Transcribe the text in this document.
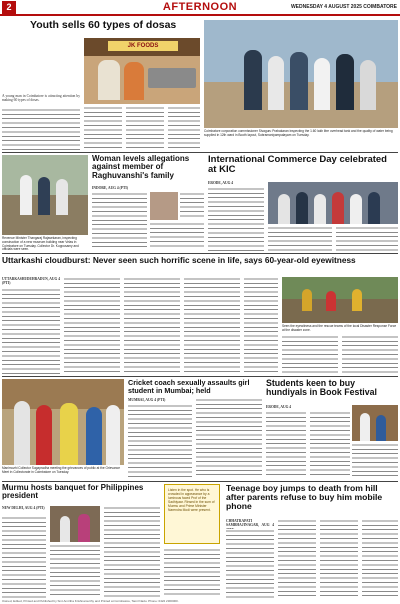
2	AFTERNOON	WEDNESDAY 4 AUGUST 2025 COIMBATORE
Youth sells 60 types of dosas
JK FOODS
A young man in Coimbatore is attracting attention by making 60 types of dosas.
Coimbatore corporation commissioner Sivaguru Prabakaran inspecting the 1.60 lakh litre overhead tank and the quality of water being supplied in 12th ward in Booth layout, Subramaniyampalayam on Tuesday.
Woman levels allegations against member of Raghuvanshi's family
Revenue Minister Thangaraj Rajasekaran, inspecting construction of a new museum building near Velas in Coimbatore on Tuesday. Collector Dr. Kuppusamy and officials were seen.
INDORE, AUG 4 (PTI)
International Commerce Day celebrated at KIC
ERODE, AUG 4
Uttarkashi cloudburst: Never seen such horrific scene in life, says 60-year-old eyewitness
UTTARKASHI/DEHRADUN, AUG 4 (PTI)
Seen the eyewitness and the rescue teams of the local Disaster Response Force at the disaster zone.
Manimozhi Collector Sugapradha meeting the grievances of public at the Grievance Meet in Collectorate in Coimbatore on Tuesday.
Cricket coach sexually assaults girl student in Mumbai; held
MUMBAI, AUG 4 (PTI)
Students keen to buy hundiyals in Book Festival
ERODE, AUG 4
Murmu hosts banquet for Philippines president
NEW DELHI, AUG 4 (PTI)
Listen in the spot. He who is crowded in appearance by a luminous faced Prof of the Sadhiyaar. Rinsed in the sum of Murmu and Prime Minister Narendra Modi were present.
Teenage boy jumps to death from hill after parents refuse to buy him mobile phone
CHHATRAPATI SAMBHAJINAGAR, AUG 4
Owned, Edited, Printed and Published by Smt Amirtha Krishnamurthy and Printed at Coimbatore, Tamil Nadu. Phone: 0422 2300000.
